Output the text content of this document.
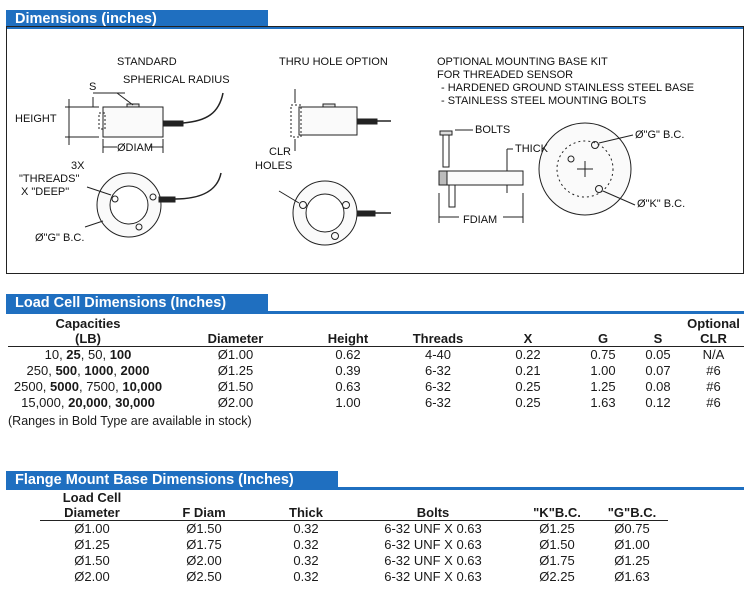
Dimensions (inches)
STANDARD
SPHERICAL RADIUS
S
HEIGHT
ØDIAM
3X
"THREADS"
X "DEEP"
Ø"G" B.C.
THRU HOLE OPTION
CLR
HOLES
OPTIONAL MOUNTING BASE KIT
FOR THREADED SENSOR
- HARDENED GROUND STAINLESS STEEL BASE
- STAINLESS STEEL MOUNTING BOLTS
BOLTS
THICK
FDIAM
Ø"G" B.C.
Ø"K" B.C.
Load Cell Dimensions (Inches)
Capacities
(LB)	Diameter	Height	Threads	X	G	S	Optional
CLR
10, 25, 50, 100	Ø1.00	0.62	4-40	0.22	0.75	0.05	N/A
250, 500, 1000, 2000	Ø1.25	0.39	6-32	0.21	1.00	0.07	#6
2500, 5000, 7500, 10,000	Ø1.50	0.63	6-32	0.25	1.25	0.08	#6
15,000, 20,000, 30,000	Ø2.00	1.00	6-32	0.25	1.63	0.12	#6
(Ranges in Bold Type are available in stock)
Flange Mount Base Dimensions (Inches)
Load Cell
Diameter	F Diam	Thick	Bolts	"K"B.C.	"G"B.C.
Ø1.00	Ø1.50	0.32	6-32 UNF X 0.63	Ø1.25	Ø0.75
Ø1.25	Ø1.75	0.32	6-32 UNF X 0.63	Ø1.50	Ø1.00
Ø1.50	Ø2.00	0.32	6-32 UNF X 0.63	Ø1.75	Ø1.25
Ø2.00	Ø2.50	0.32	6-32 UNF X 0.63	Ø2.25	Ø1.63
